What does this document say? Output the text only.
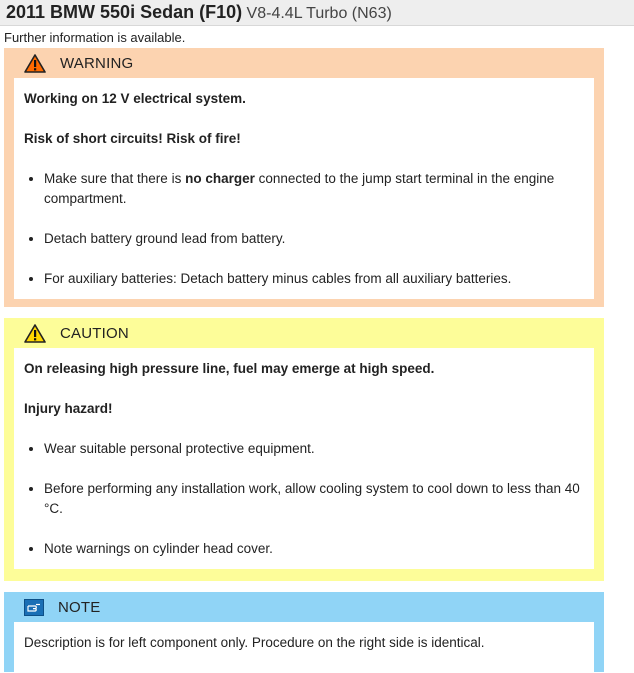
2011 BMW 550i Sedan (F10) V8-4.4L Turbo (N63)
Further information is available.
WARNING

Working on 12 V electrical system.

Risk of short circuits! Risk of fire!

• Make sure that there is no charger connected to the jump start terminal in the engine compartment.
• Detach battery ground lead from battery.
• For auxiliary batteries: Detach battery minus cables from all auxiliary batteries.
CAUTION

On releasing high pressure line, fuel may emerge at high speed.

Injury hazard!

• Wear suitable personal protective equipment.
• Before performing any installation work, allow cooling system to cool down to less than 40 °C.
• Note warnings on cylinder head cover.
NOTE
Description is for left component only. Procedure on the right side is identical.
